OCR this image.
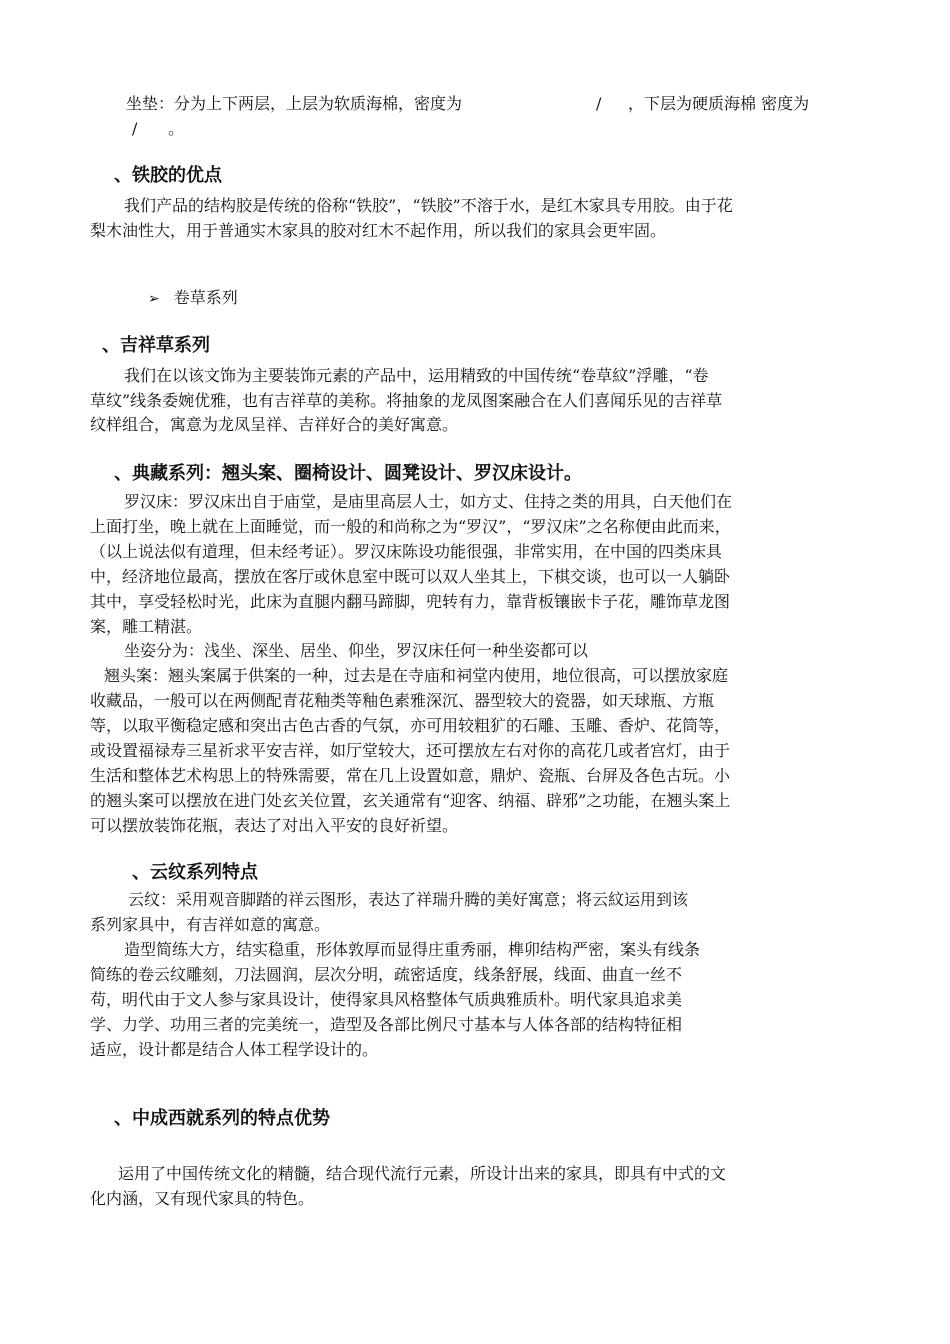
坐垫：分为上下两层，上层为软质海棉，密度为	/	，下层为硬质海棉 密度为
/	。
、铁胶的优点
我们产品的结构胶是传统的俗称“铁胶”，“铁胶”不溶于水，是红木家具专用胶。由于花
梨木油性大，用于普通实木家具的胶对红木不起作用，所以我们的家具会更牢固。
➢ 卷草系列
、吉祥草系列
我们在以该文饰为主要装饰元素的产品中，运用精致的中国传统“卷草紋”浮雕，“卷
草纹”线条委婉优雅，也有吉祥草的美称。将抽象的龙凤图案融合在人们喜闻乐见的吉祥草
纹样组合，寓意为龙凤呈祥、吉祥好合的美好寓意。
、典藏系列：翘头案、圈椅设计、圆凳设计、罗汉床设计。
罗汉床：罗汉床出自于庙堂，是庙里高层人士，如方丈、住持之类的用具，白天他们在
上面打坐，晚上就在上面睡觉，而一般的和尚称之为“罗汉”，“罗汉床”之名称便由此而来，
（以上说法似有道理，但未经考证）。罗汉床陈设功能很强，非常实用，在中国的四类床具
中，经济地位最高，摆放在客厅或休息室中既可以双人坐其上，下棋交谈，也可以一人躺卧
其中，享受轻松时光，此床为直腿内翻马蹄脚，兜转有力，靠背板镶嵌卡子花，雕饰草龙图
案，雕工精湛。
坐姿分为：浅坐、深坐、居坐、仰坐，罗汉床任何一种坐姿都可以
翘头案：翘头案属于供案的一种，过去是在寺庙和祠堂内使用，地位很高，可以摆放家庭
收藏品，一般可以在两侧配青花釉类等釉色素雅深沉、器型较大的瓷器，如天球瓶、方瓶
等，以取平衡稳定感和突出古色古香的气氛，亦可用较粗犷的石雕、玉雕、香炉、花筒等，
或设置福禄寿三星祈求平安吉祥，如厅堂较大，还可摆放左右对你的高花几或者宫灯，由于
生活和整体艺术构思上的特殊需要，常在几上设置如意，鼎炉、瓷瓶、台屏及各色古玩。小
的翘头案可以摆放在进门处玄关位置，玄关通常有“迎客、纳福、辟邪”之功能，在翘头案上
可以摆放装饰花瓶，表达了对出入平安的良好祈望。
、云纹系列特点
云纹：采用观音脚踏的祥云图形，表达了祥瑞升腾的美好寓意；将云紋运用到该
系列家具中，有吉祥如意的寓意。
造型简练大方，结实稳重，形体敦厚而显得庄重秀丽，榫卯结构严密，案头有线条
简练的卷云纹雕刻，刀法圆润，层次分明，疏密适度，线条舒展，线面、曲直一丝不
苟，明代由于文人参与家具设计，使得家具风格整体气质典雅质朴。明代家具追求美
学、力学、功用三者的完美统一，造型及各部比例尺寸基本与人体各部的结构特征相
适应，设计都是结合人体工程学设计的。
、中成西就系列的特点优势
运用了中国传统文化的精髓，结合现代流行元素，所设计出来的家具，即具有中式的文
化内涵，又有现代家具的特色。
